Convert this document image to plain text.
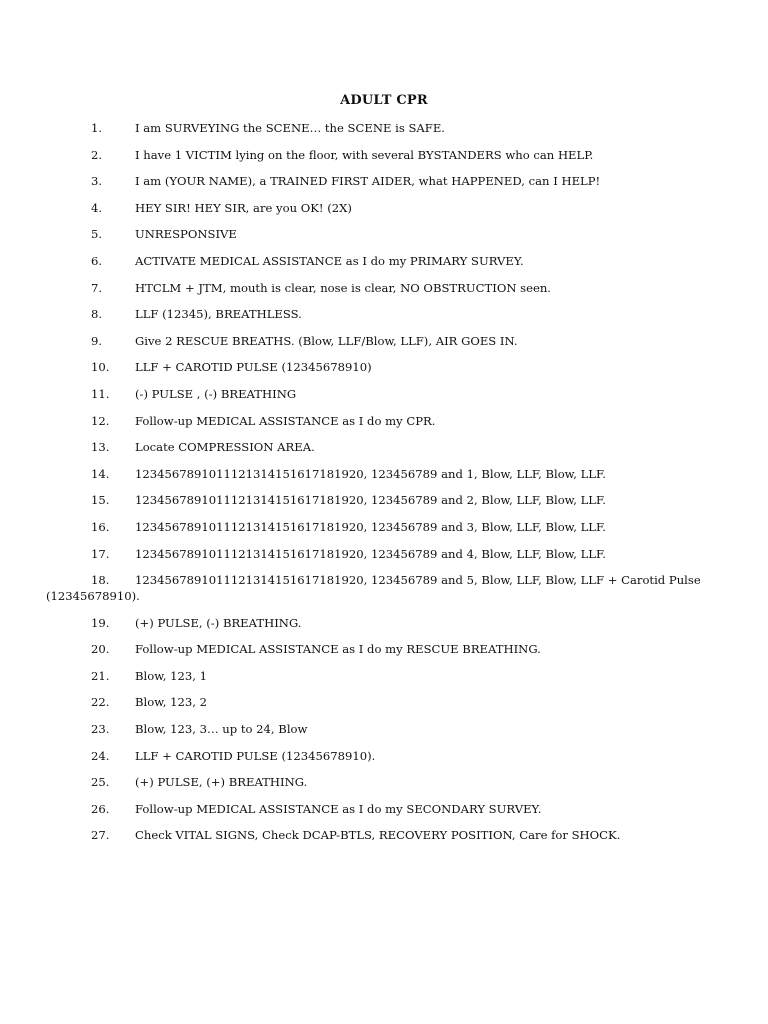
ADULT CPR
1.	I am SURVEYING the SCENE… the SCENE is SAFE.
2.	I have 1 VICTIM lying on the floor, with several BYSTANDERS who can HELP.
3.	I am (YOUR NAME), a TRAINED FIRST AIDER, what HAPPENED, can I HELP!
4.	HEY SIR! HEY SIR, are you OK! (2X)
5.	UNRESPONSIVE
6.	ACTIVATE MEDICAL ASSISTANCE as I do my PRIMARY SURVEY.
7.	HTCLM + JTM, mouth is clear, nose is clear, NO OBSTRUCTION seen.
8.	LLF (12345), BREATHLESS.
9.	Give 2 RESCUE BREATHS. (Blow, LLF/Blow, LLF), AIR GOES IN.
10. LLF + CAROTID PULSE (12345678910)
11. (-) PULSE , (-) BREATHING
12. Follow-up MEDICAL ASSISTANCE as I do my CPR.
13. Locate COMPRESSION AREA.
14. 1234567891011121314151617181920, 123456789 and 1, Blow, LLF, Blow, LLF.
15. 1234567891011121314151617181920, 123456789 and 2, Blow, LLF, Blow, LLF.
16. 1234567891011121314151617181920, 123456789 and 3, Blow, LLF, Blow, LLF.
17. 1234567891011121314151617181920, 123456789 and 4, Blow, LLF, Blow, LLF.
18. 1234567891011121314151617181920, 123456789 and 5, Blow, LLF, Blow, LLF + Carotid Pulse (12345678910).
19. (+) PULSE, (-) BREATHING.
20. Follow-up MEDICAL ASSISTANCE as I do my RESCUE BREATHING.
21. Blow, 123, 1
22. Blow, 123, 2
23. Blow, 123, 3… up to 24, Blow
24. LLF + CAROTID PULSE (12345678910).
25. (+) PULSE, (+) BREATHING.
26. Follow-up MEDICAL ASSISTANCE as I do my SECONDARY SURVEY.
27. Check VITAL SIGNS, Check DCAP-BTLS, RECOVERY POSITION, Care for SHOCK.
